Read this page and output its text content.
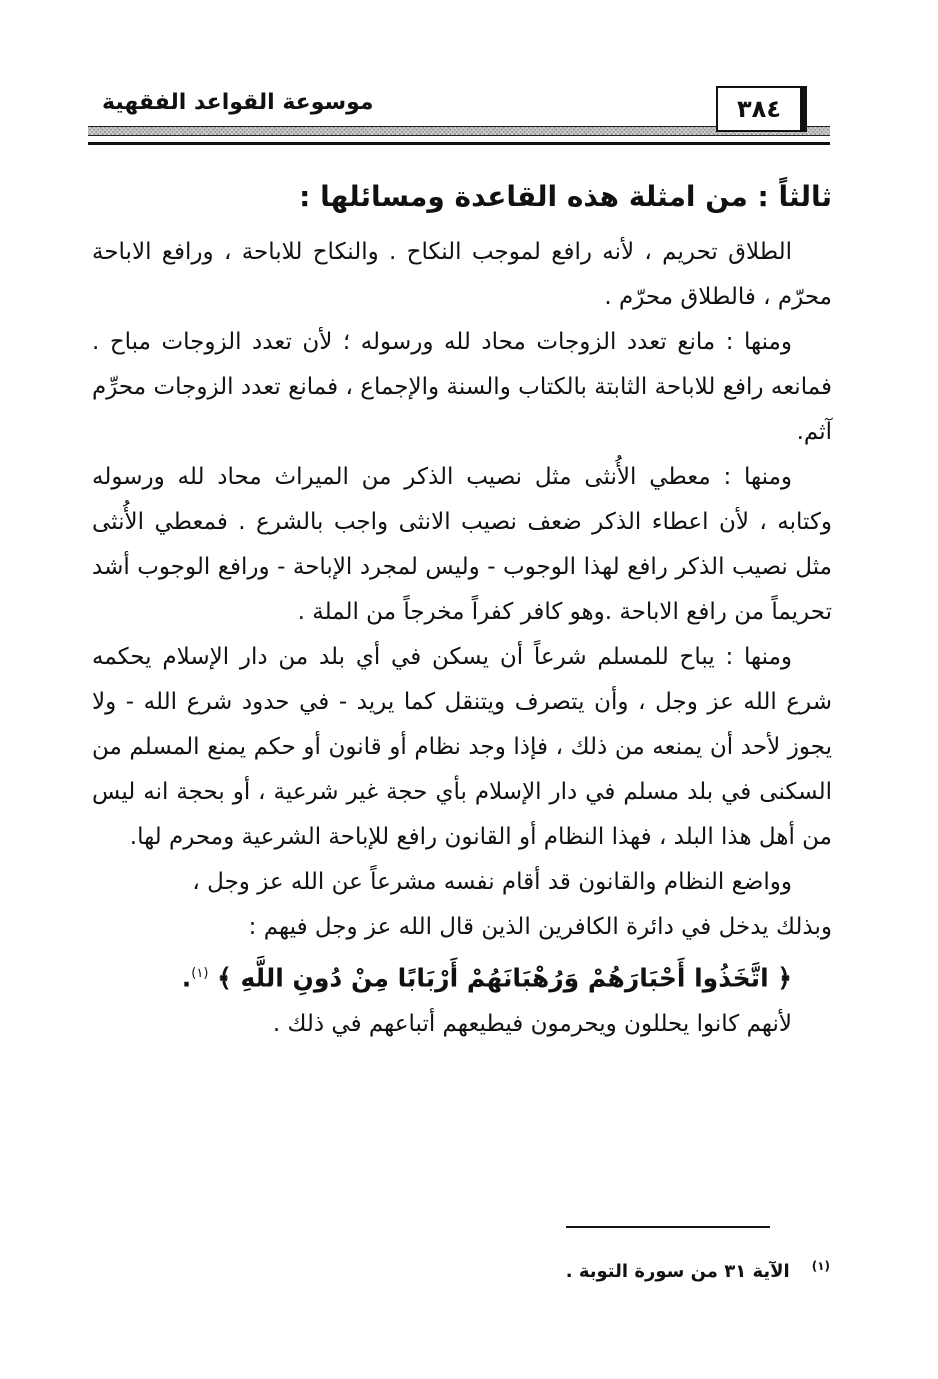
موسوعة القواعد الفقهية	٣٨٤
ثالثاً : من امثلة هذه القاعدة ومسائلها :

الطلاق تحريم ، لأنه رافع لموجب النكاح . والنكاح للاباحة ، ورافع الاباحة محرّم ، فالطلاق محرّم .

ومنها : مانع تعدد الزوجات محاد لله ورسوله ؛ لأن تعدد الزوجات مباح . فمانعه رافع للاباحة الثابتة بالكتاب والسنة والإجماع ، فمانع تعدد الزوجات محرِّم آثم.

ومنها : معطي الأُنثى مثل نصيب الذكر من الميراث محاد لله ورسوله وكتابه ، لأن اعطاء الذكر ضعف نصيب الانثى واجب بالشرع . فمعطي الأُنثى مثل نصيب الذكر رافع لهذا الوجوب - وليس لمجرد الإباحة - ورافع الوجوب أشد تحريماً من رافع الاباحة .وهو كافر كفراً مخرجاً من الملة .

ومنها : يباح للمسلم شرعاً أن يسكن في أي بلد من دار الإسلام يحكمه شرع الله عز وجل ، وأن يتصرف ويتنقل كما يريد - في حدود شرع الله - ولا يجوز لأحد أن يمنعه من ذلك ، فإذا وجد نظام أو قانون أو حكم يمنع المسلم من السكنى في بلد مسلم في دار الإسلام بأي حجة غير شرعية ، أو بحجة انه ليس من أهل هذا البلد ، فهذا النظام أو القانون رافع للإباحة الشرعية ومحرم لها.

وواضع النظام والقانون قد أقام نفسه مشرعاً عن الله عز وجل ،

وبذلك يدخل في دائرة الكافرين الذين قال الله عز وجل فيهم :

﴿ اتَّخَذُوا أَحْبَارَهُمْ وَرُهْبَانَهُمْ أَرْبَابًا مِنْ دُونِ اللَّهِ ﴾ $^{(١)}$.

لأنهم كانوا يحللون ويحرمون فيطيعهم أتباعهم في ذلك .

$^{(١)}$الآية ٣١ من سورة التوبة .
